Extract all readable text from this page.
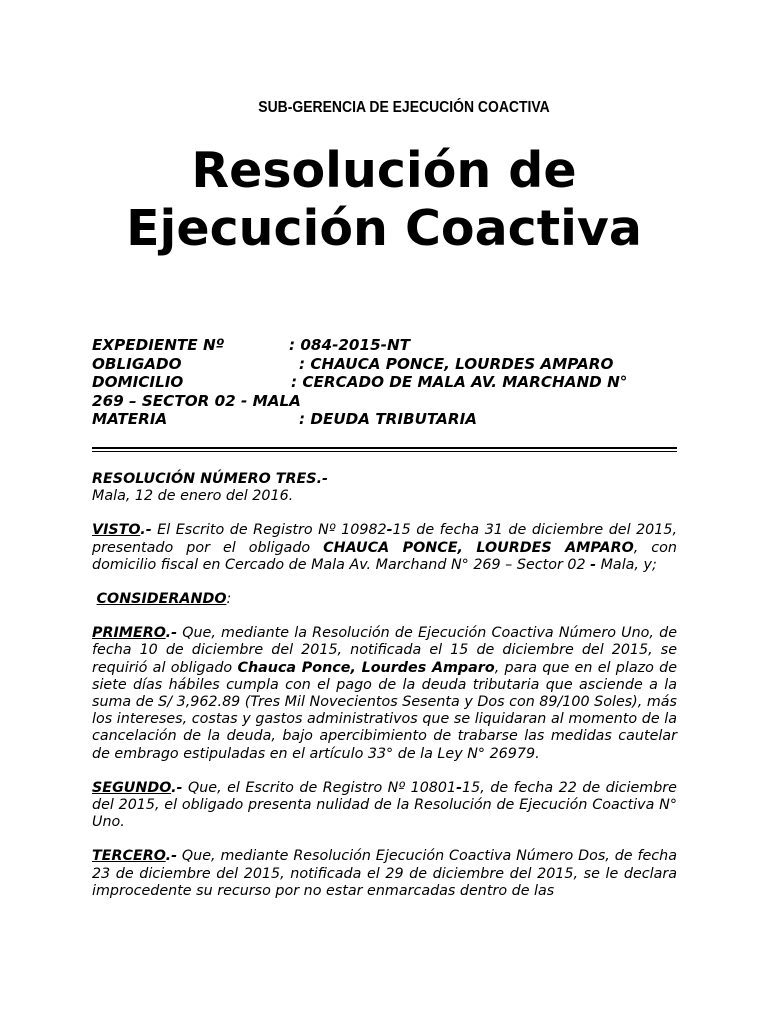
SUB-GERENCIA DE EJECUCIÓN COACTIVA
Resolución de
Ejecución Coactiva
EXPEDIENTE Nº	: 084-2015-NT
OBLIGADO	: CHAUCA PONCE, LOURDES AMPARO
DOMICILIO	: CERCADO DE MALA AV. MARCHAND N°
269 – SECTOR 02 - MALA
MATERIA	: DEUDA TRIBUTARIA

RESOLUCIÓN NÚMERO TRES.-

Mala, 12 de enero del 2016.

VISTO.- El Escrito de Registro Nº 10982-15 de fecha 31 de diciembre del 2015, presentado por el obligado CHAUCA PONCE, LOURDES AMPARO, con domicilio fiscal en Cercado de Mala Av. Marchand N° 269 – Sector 02 - Mala, y;

CONSIDERANDO:

PRIMERO.- Que, mediante la Resolución de Ejecución Coactiva Número Uno, de fecha 10 de diciembre del 2015, notificada el 15 de diciembre del 2015, se requirió al obligado Chauca Ponce, Lourdes Amparo, para que en el plazo de siete días hábiles cumpla con el pago de la deuda tributaria que asciende a la suma de S/ 3,962.89 (Tres Mil Novecientos Sesenta y Dos con 89/100 Soles), más los intereses, costas y gastos administrativos que se liquidaran al momento de la cancelación de la deuda, bajo apercibimiento de trabarse las medidas cautelar de embrago estipuladas en el artículo 33° de la Ley N° 26979.

SEGUNDO.- Que, el Escrito de Registro Nº 10801-15, de fecha 22 de diciembre del 2015, el obligado presenta nulidad de la Resolución de Ejecución Coactiva N° Uno.

TERCERO.- Que, mediante Resolución Ejecución Coactiva Número Dos, de fecha 23 de diciembre del 2015, notificada el 29 de diciembre del 2015, se le declara improcedente su recurso por no estar enmarcadas dentro de las
